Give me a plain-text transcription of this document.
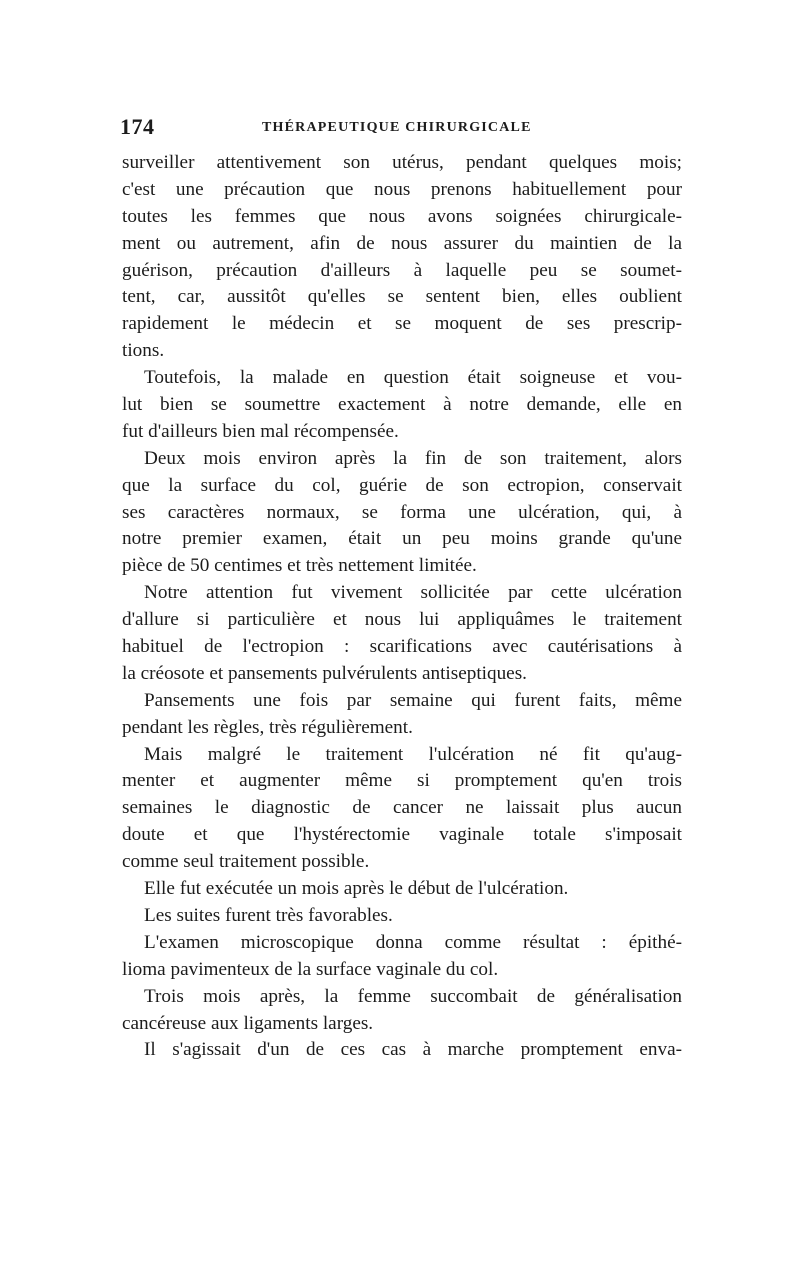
174	THÉRAPEUTIQUE CHIRURGICALE
surveiller attentivement son utérus, pendant quelques mois;
c'est une précaution que nous prenons habituellement pour
toutes les femmes que nous avons soignées chirurgicale-
ment ou autrement, afin de nous assurer du maintien de la
guérison, précaution d'ailleurs à laquelle peu se soumet-
tent, car, aussitôt qu'elles se sentent bien, elles oublient
rapidement le médecin et se moquent de ses prescrip-
tions.
Toutefois, la malade en question était soigneuse et vou-
lut bien se soumettre exactement à notre demande, elle en
fut d'ailleurs bien mal récompensée.
Deux mois environ après la fin de son traitement, alors
que la surface du col, guérie de son ectropion, conservait
ses caractères normaux, se forma une ulcération, qui, à
notre premier examen, était un peu moins grande qu'une
pièce de 50 centimes et très nettement limitée.
Notre attention fut vivement sollicitée par cette ulcération
d'allure si particulière et nous lui appliquâmes le traitement
habituel de l'ectropion : scarifications avec cautérisations à
la créosote et pansements pulvérulents antiseptiques.
Pansements une fois par semaine qui furent faits, même
pendant les règles, très régulièrement.
Mais malgré le traitement l'ulcération né fit qu'aug-
menter et augmenter même si promptement qu'en trois
semaines le diagnostic de cancer ne laissait plus aucun
doute et que l'hystérectomie vaginale totale s'imposait
comme seul traitement possible.
Elle fut exécutée un mois après le début de l'ulcération.
Les suites furent très favorables.
L'examen microscopique donna comme résultat : épithé-
lioma pavimenteux de la surface vaginale du col.
Trois mois après, la femme succombait de généralisation
cancéreuse aux ligaments larges.
Il s'agissait d'un de ces cas à marche promptement enva-
